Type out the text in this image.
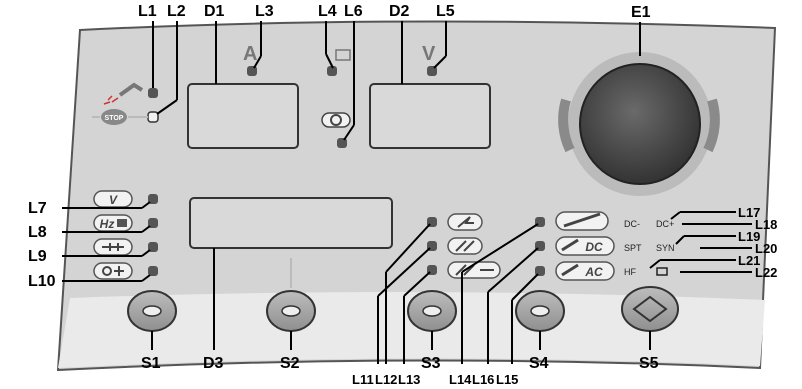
A	V
STOP
V
Hz
DC
AC
DC- DC+
SPT SYN
HF
L1 L2 D1 L3	L4 L6 D2 L5	E1
L7
L8
L9
L10
L17
L18
L19
L20
L21
L22
S1	D3	S2
L11 L12 L13
S3
L14 L16 L15
S4	S5
